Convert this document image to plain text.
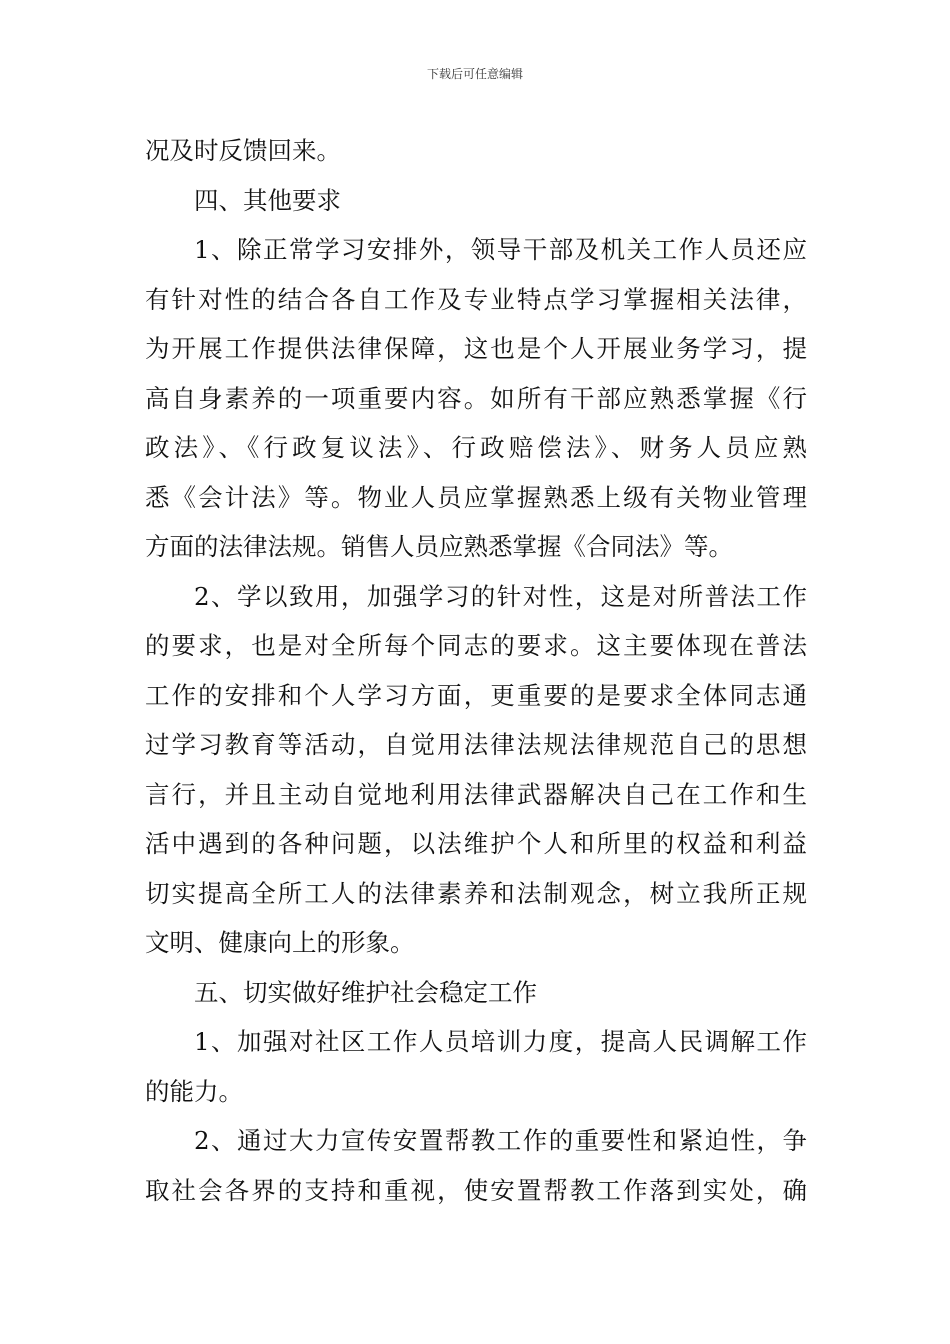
下载后可任意编辑
况及时反馈回来。
四、其他要求
1、除正常学习安排外，领导干部及机关工作人员还应
有针对性的结合各自工作及专业特点学习掌握相关法律，
为开展工作提供法律保障，这也是个人开展业务学习，提
高自身素养的一项重要内容。如所有干部应熟悉掌握《行
政法》、《行政复议法》、行政赔偿法》、财务人员应熟
悉《会计法》等。物业人员应掌握熟悉上级有关物业管理
方面的法律法规。销售人员应熟悉掌握《合同法》等。
2、学以致用，加强学习的针对性，这是对所普法工作
的要求，也是对全所每个同志的要求。这主要体现在普法
工作的安排和个人学习方面，更重要的是要求全体同志通
过学习教育等活动，自觉用法律法规法律规范自己的思想
言行，并且主动自觉地利用法律武器解决自己在工作和生
活中遇到的各种问题，以法维护个人和所里的权益和利益
切实提高全所工人的法律素养和法制观念，树立我所正规
文明、健康向上的形象。
五、切实做好维护社会稳定工作
1、加强对社区工作人员培训力度，提高人民调解工作
的能力。
2、通过大力宣传安置帮教工作的重要性和紧迫性，争
取社会各界的支持和重视，使安置帮教工作落到实处，确
